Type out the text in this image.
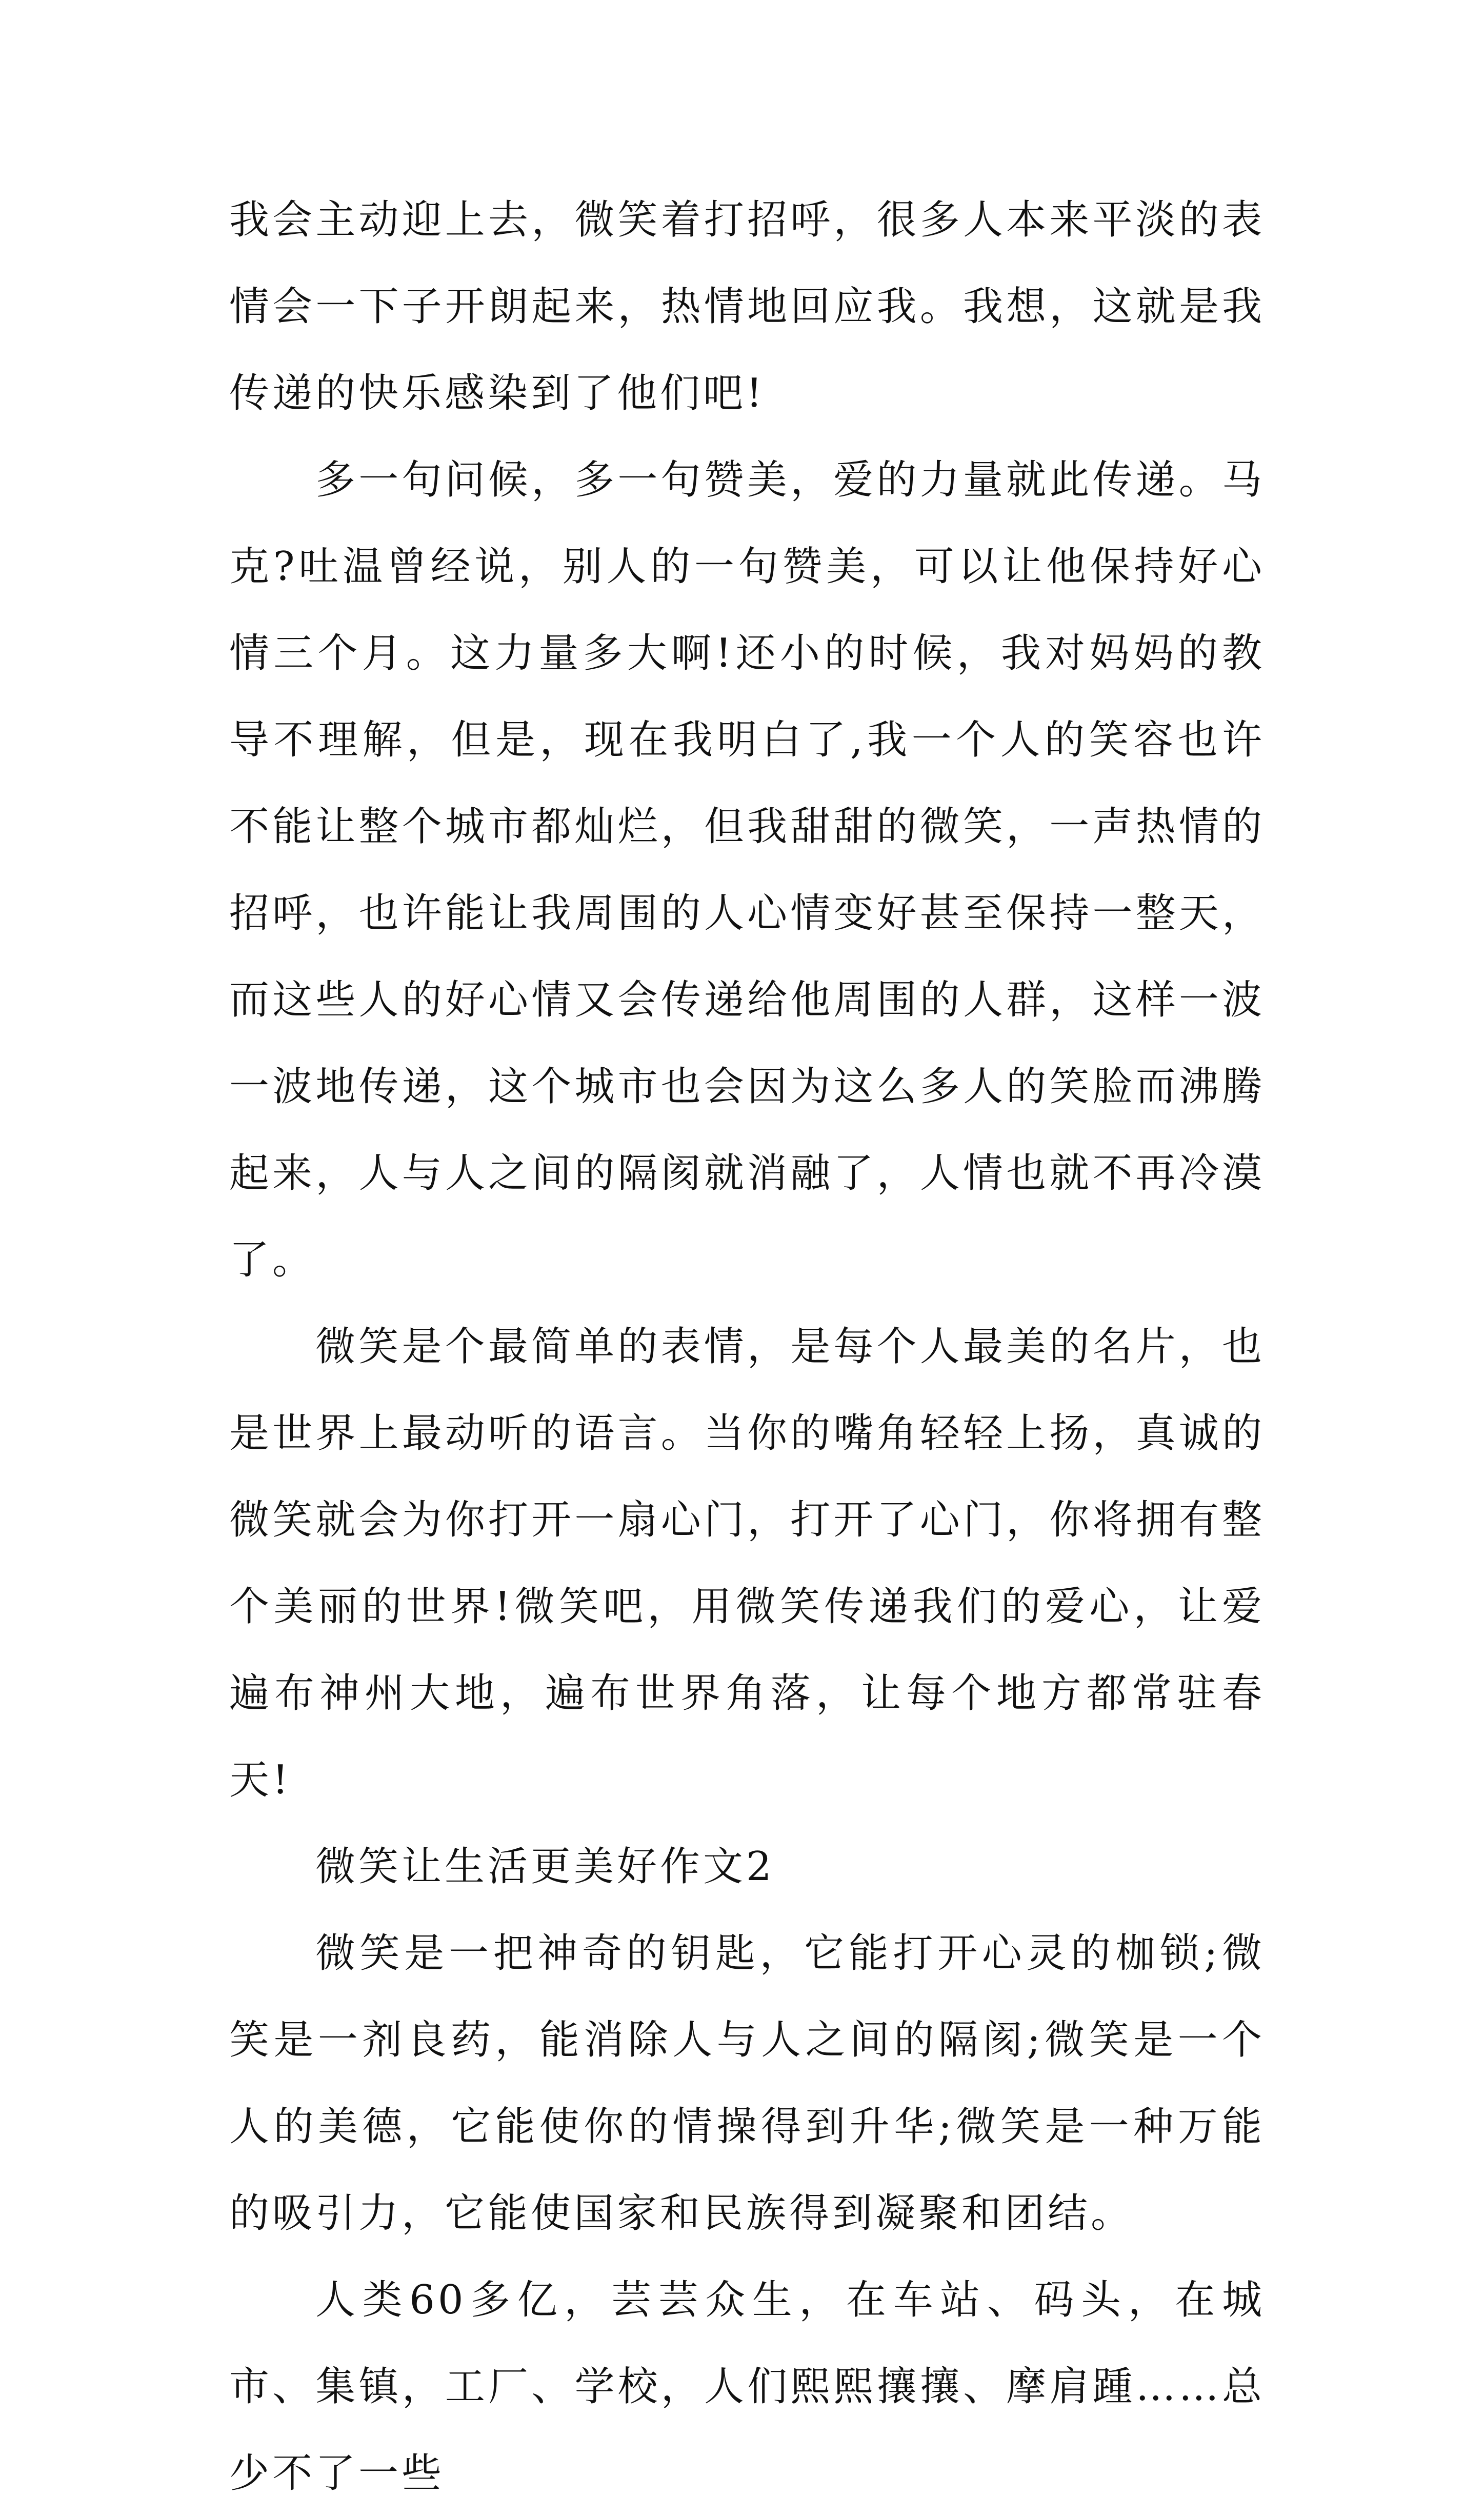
我会主动迎上去，微笑着打招呼，很多人本来平淡的表情会一下子开朗起来，热情地回应我。我想，这就是我传递的快乐感染到了他们吧!

多一句问候，多一句赞美，爱的力量就此传递。马克?吐温曾经说，别人的一句赞美，可以让他保持好心情三个月。这力量多大啊!还小的时候，我对妈妈的教导不理解，但是，现在我明白了,我一个人的笑容也许不能让整个城市都灿烂，但我甜甜的微笑，一声热情的招呼，也许能让我周围的人心情变好甚至保持一整天，而这些人的好心情又会传递给他周围的人群，这样一波一波地传递，这个城市也会因为这么多人的笑脸而沸腾起来，人与人之间的隔阂就消融了，人情也就不再冷漠了。

微笑是个最简单的表情，是每个人最美的名片，也是世界上最动听的语言。当你的嘴角轻轻上扬，真诚的微笑就会为你打开一扇心门，打开了心门，你将拥有整个美丽的世界!微笑吧，用微笑传递我们的爱心，让爱遍布神州大地，遍布世界角落，让每个地方都常驻春天!

微笑让生活更美好作文2

微笑是一把神奇的钥匙，它能打开心灵的枷锁;微笑是一剂良药，能消除人与人之间的隔阂;微笑是一个人的美德，它能使你的情操得到升华;微笑是一种万能的吸引力，它能使国家和民族得到凝聚和团结。

人类60多亿，芸芸众生，在车站、码头，在城市、集镇，工厂、学校，人们熙熙攘攘、摩肩踵……总少不了一些
